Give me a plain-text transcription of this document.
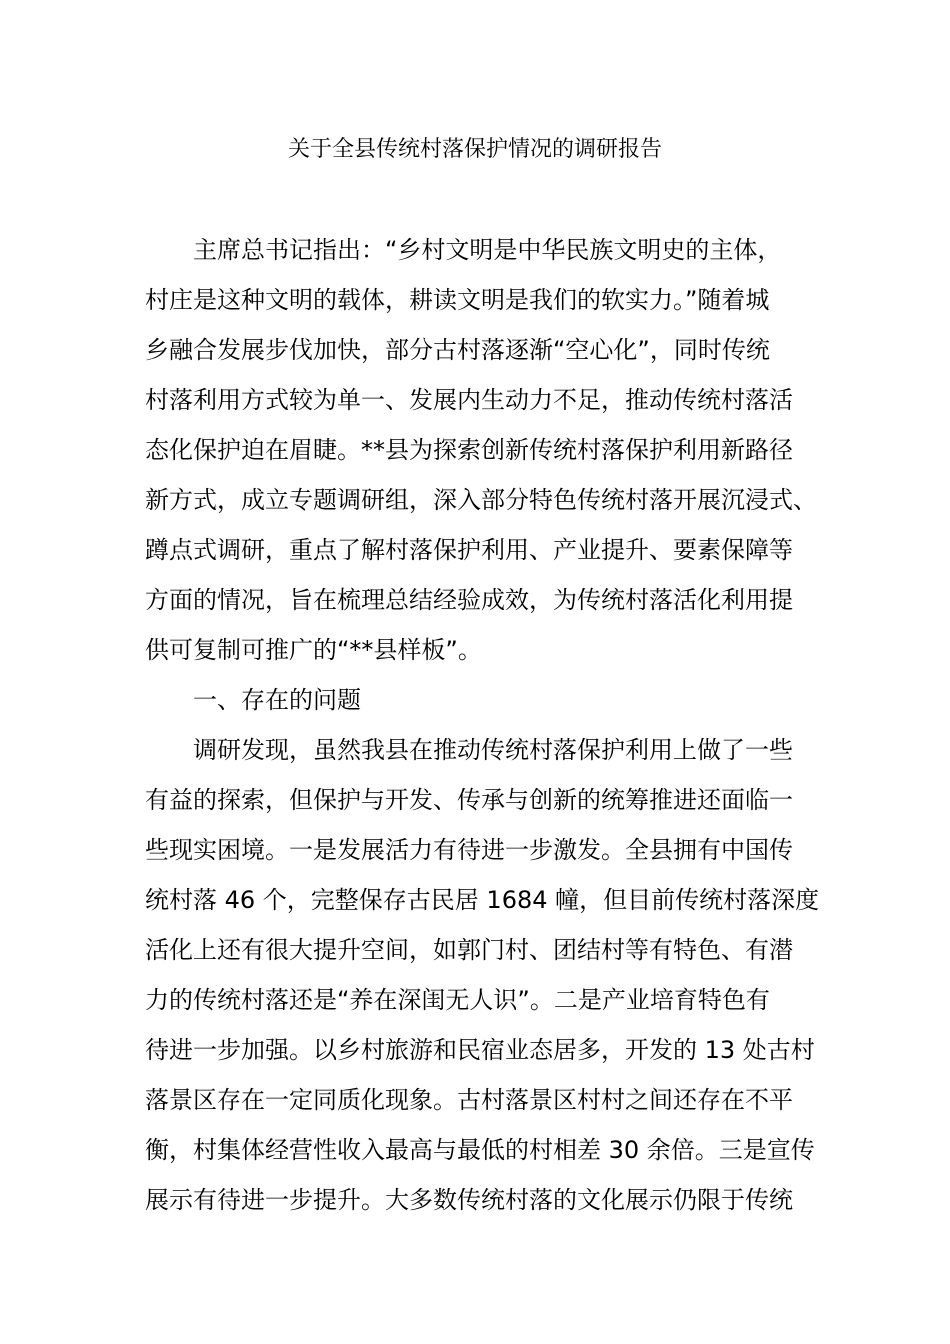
关于全县传统村落保护情况的调研报告

主席总书记指出：“乡村文明是中华民族文明史的主体，

村庄是这种文明的载体，耕读文明是我们的软实力。”随着城

乡融合发展步伐加快，部分古村落逐渐“空心化”，同时传统

村落利用方式较为单一、发展内生动力不足，推动传统村落活

态化保护迫在眉睫。**县为探索创新传统村落保护利用新路径

新方式，成立专题调研组，深入部分特色传统村落开展沉浸式、

蹲点式调研，重点了解村落保护利用、产业提升、要素保障等

方面的情况，旨在梳理总结经验成效，为传统村落活化利用提

供可复制可推广的“**县样板”。

一、存在的问题

调研发现，虽然我县在推动传统村落保护利用上做了一些

有益的探索，但保护与开发、传承与创新的统筹推进还面临一

些现实困境。一是发展活力有待进一步激发。全县拥有中国传

统村落 46 个，完整保存古民居 1684 幢，但目前传统村落深度

活化上还有很大提升空间，如郭门村、团结村等有特色、有潜

力的传统村落还是“养在深闺无人识”。二是产业培育特色有

待进一步加强。以乡村旅游和民宿业态居多，开发的 13 处古村

落景区存在一定同质化现象。古村落景区村村之间还存在不平

衡，村集体经营性收入最高与最低的村相差 30 余倍。三是宣传

展示有待进一步提升。大多数传统村落的文化展示仍限于传统
